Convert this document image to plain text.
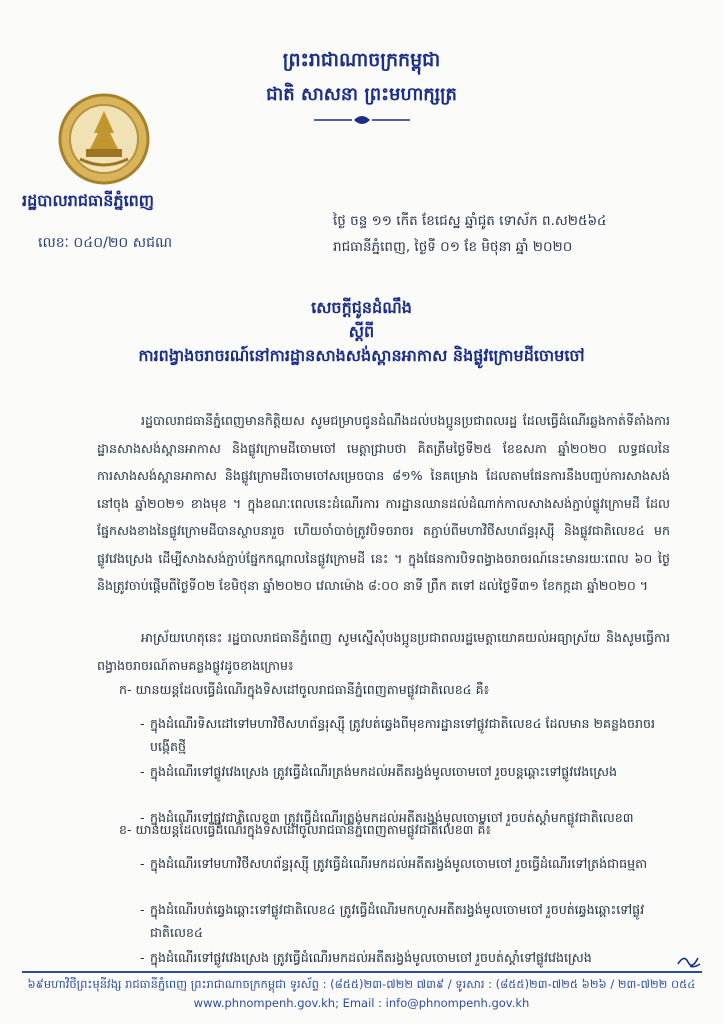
ព្រះរាជាណាចក្រកម្ពុជា
ជាតិ សាសនា ព្រះមហាក្សត្រ
រដ្ឋបាលរាជធានីភ្នំពេញ
លេខៈ ០៤០/២០ សជណ
ថ្ងៃ ចន្ទ ១១ កើត ខែជេស្ឋ ឆ្នាំជូត ទោស័ក ព.ស២៥៦៤
រាជធានីភ្នំពេញ, ថ្ងៃទី ០១ ខែ មិថុនា ឆ្នាំ ២០២០
សេចក្តីជូនដំណឹង
ស្តីពី
ការពង្វាងចរាចរណ៍នៅការដ្ឋានសាងសង់ស្ពានអាកាស និងផ្លូវក្រោមដីចោមចៅ
រដ្ឋបាលរាជធានីភ្នំពេញមានកិត្តិយស សូមជម្រាបជូនដំណឹងដល់បងប្អូនប្រជាពលរដ្ឋ ដែលធ្វើដំណើរឆ្លងកាត់ទីតាំងការដ្ឋានសាងសង់ស្ពានអាកាស និងផ្លូវក្រោមដីចោមចៅ មេត្តាជ្រាបថា គិតត្រឹមថ្ងៃទី២៥ ខែឧសភា ឆ្នាំ២០២០ លទ្ធផលនៃការសាងសង់ស្ពានអាកាស និងផ្លូវក្រោមដីចោមចៅសម្រេចបាន ៨១% នៃគម្រោង ដែលតាមផែនការនឹងបញ្ចប់ការសាងសង់នៅចុង ឆ្នាំ២០២១ ខាងមុខ ។ ក្នុងខណៈពេលនេះដំណើរការ ការដ្ឋានឈានដល់ដំណាក់កាលសាងសង់ភ្ជាប់ផ្លូវក្រោមដី ដែលផ្នែកសងខាងនៃផ្លូវក្រោមដីបានស្ថាបនារួច ហើយចាំបាច់ត្រូវបិទចរាចរ តភ្ជាប់ពីមហាវិថីសហព័ន្ធរុស្ស៊ី និងផ្លូវជាតិលេខ៤ មកផ្លូវវេងស្រេង ដើម្បីសាងសង់ភ្ជាប់ផ្នែកកណ្តាលនៃផ្លូវក្រោមដី នេះ ។ ក្នុងផែនការបិទពង្វាងចរាចរណ៍នេះមានរយៈពេល ៦០ ថ្ងៃ និងត្រូវចាប់ផ្តើមពីថ្ងៃទី០២ ខែមិថុនា ឆ្នាំ២០២០ វេលាម៉ោង ៨:០០ នាទី ព្រឹក តទៅ ដល់ថ្ងៃទី៣១ ខែកក្កដា ឆ្នាំ២០២០ ។
អាស្រ័យហេតុនេះ រដ្ឋបាលរាជធានីភ្នំពេញ សូមស្នើសុំបងប្អូនប្រជាពលរដ្ឋមេត្តាយោគយល់អធ្យាស្រ័យ និងសូមធ្វើការពង្វាងចរាចរណ៍តាមគន្លងផ្លូវដូចខាងក្រោម៖
ក- យានយន្តដែលធ្វើដំណើរក្នុងទិសដៅចូលរាជធានីភ្នំពេញតាមផ្លូវជាតិលេខ៤ គឺ៖
- ក្នុងដំណើរទិសដៅទៅមហាវិថីសហព័ន្ធរុស្ស៊ី ត្រូវបត់ឆ្វេងពីមុខការដ្ឋានទៅផ្លូវជាតិលេខ៤ ដែលមាន ២គន្លងចរាចរបង្កើតថ្មី
- ក្នុងដំណើរទៅផ្លូវវេងស្រេង ត្រូវធ្វើដំណើរត្រង់មកដល់អតីតរង្វង់មូលចោមចៅ រួចបន្តឆ្ពោះទៅផ្លូវវេងស្រេង
- ក្នុងដំណើរទៅផ្លូវជាតិលេខ៣ ត្រូវធ្វើដំណើរត្រង់មកដល់អតីតរង្វង់មូលចោមចៅ រួចបត់ស្តាំមកផ្លូវជាតិលេខ៣
ខ- យានយន្តដែលធ្វើដំណើរក្នុងទិសដៅចូលរាជធានីភ្នំពេញតាមផ្លូវជាតិលេខ៣ គឺ៖
- ក្នុងដំណើរទៅមហាវិថីសហព័ន្ធរុស្ស៊ី ត្រូវធ្វើដំណើរមកដល់អតីតរង្វង់មូលចោមចៅ រួចធ្វើដំណើរទៅត្រង់ជាធម្មតា
- ក្នុងដំណើរបត់ឆ្វេងឆ្ពោះទៅផ្លូវជាតិលេខ៤ ត្រូវធ្វើដំណើរមកហួសអតីតរង្វង់មូលចោមចៅ រួចបត់ឆ្វេងឆ្ពោះទៅផ្លូវជាតិលេខ៤
- ក្នុងដំណើរទៅផ្លូវវេងស្រេង ត្រូវធ្វើដំណើរមកដល់អតីតរង្វង់មូលចោមចៅ រួចបត់ស្តាំទៅផ្លូវវេងស្រេង
៦៩មហាវិថីព្រះមុនីវង្ស រាជធានីភ្នំពេញ ព្រះរាជាណាចក្រកម្ពុជា ទូរស័ព្ទ : (៨៥៥)២៣-៧២២ ៧៣៩ / ទូរសារ : (៨៥៥)២៣-៧២៥ ៦២៦ / ២៣-៧២២ ០៥៤
www.phnompenh.gov.kh; Email : info@phnompenh.gov.kh
